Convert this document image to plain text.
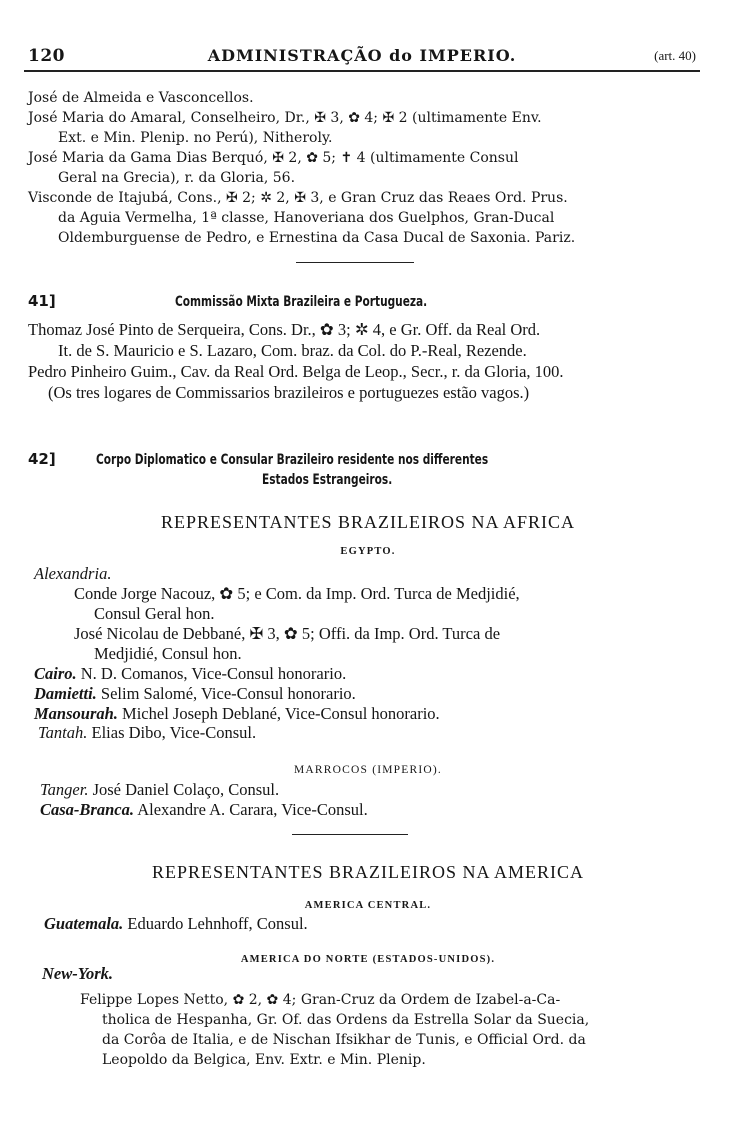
120	ADMINISTRAÇÃO do IMPERIO.	(art. 40)
José de Almeida e Vasconcellos.
José Maria do Amaral, Conselheiro, Dr., ✠ 3, ✿ 4; ✠ 2 (ultimamente Env.
Ext. e Min. Plenip. no Perú), Nitheroly.
José Maria da Gama Dias Berquó, ✠ 2, ✿ 5; ✝ 4 (ultimamente Consul
Geral na Grecia), r. da Gloria, 56.
Visconde de Itajubá, Cons., ✠ 2; ✲ 2, ✠ 3, e Gran Cruz das Reaes Ord. Prus.
da Aguia Vermelha, 1ª classe, Hanoveriana dos Guelphos, Gran-Ducal
Oldemburguense de Pedro, e Ernestina da Casa Ducal de Saxonia. Pariz.
41]	Commissão Mixta Brazileira e Portugueza.
Thomaz José Pinto de Serqueira, Cons. Dr., ✿ 3; ✲ 4, e Gr. Off. da Real Ord.
It. de S. Mauricio e S. Lazaro, Com. braz. da Col. do P.-Real, Rezende.
Pedro Pinheiro Guim., Cav. da Real Ord. Belga de Leop., Secr., r. da Gloria, 100.
(Os tres logares de Commissarios brazileiros e portuguezes estão vagos.)
42]	Corpo Diplomatico e Consular Brazileiro residente nos differentes
Estados Estrangeiros.
REPRESENTANTES BRAZILEIROS NA AFRICA
EGYPTO.
Alexandria.
Conde Jorge Nacouz, ✿ 5; e Com. da Imp. Ord. Turca de Medjidié,
Consul Geral hon.
José Nicolau de Debbané, ✠ 3, ✿ 5; Offi. da Imp. Ord. Turca de
Medjidié, Consul hon.
Cairo. N. D. Comanos, Vice-Consul honorario.
Damietti. Selim Salomé, Vice-Consul honorario.
Mansourah. Michel Joseph Deblané, Vice-Consul honorario.
Tantah. Elias Dibo, Vice-Consul.
MARROCOS (IMPERIO).
Tanger. José Daniel Colaço, Consul.
Casa-Branca. Alexandre A. Carara, Vice-Consul.
REPRESENTANTES BRAZILEIROS NA AMERICA
AMERICA CENTRAL.
Guatemala. Eduardo Lehnhoff, Consul.
AMERICA DO NORTE (ESTADOS-UNIDOS).
New-York.
Felippe Lopes Netto, ✿ 2, ✿ 4; Gran-Cruz da Ordem de Izabel-a-Ca-
tholica de Hespanha, Gr. Of. das Ordens da Estrella Solar da Suecia,
da Corôa de Italia, e de Nischan Ifsikhar de Tunis, e Official Ord. da
Leopoldo da Belgica, Env. Extr. e Min. Plenip.
